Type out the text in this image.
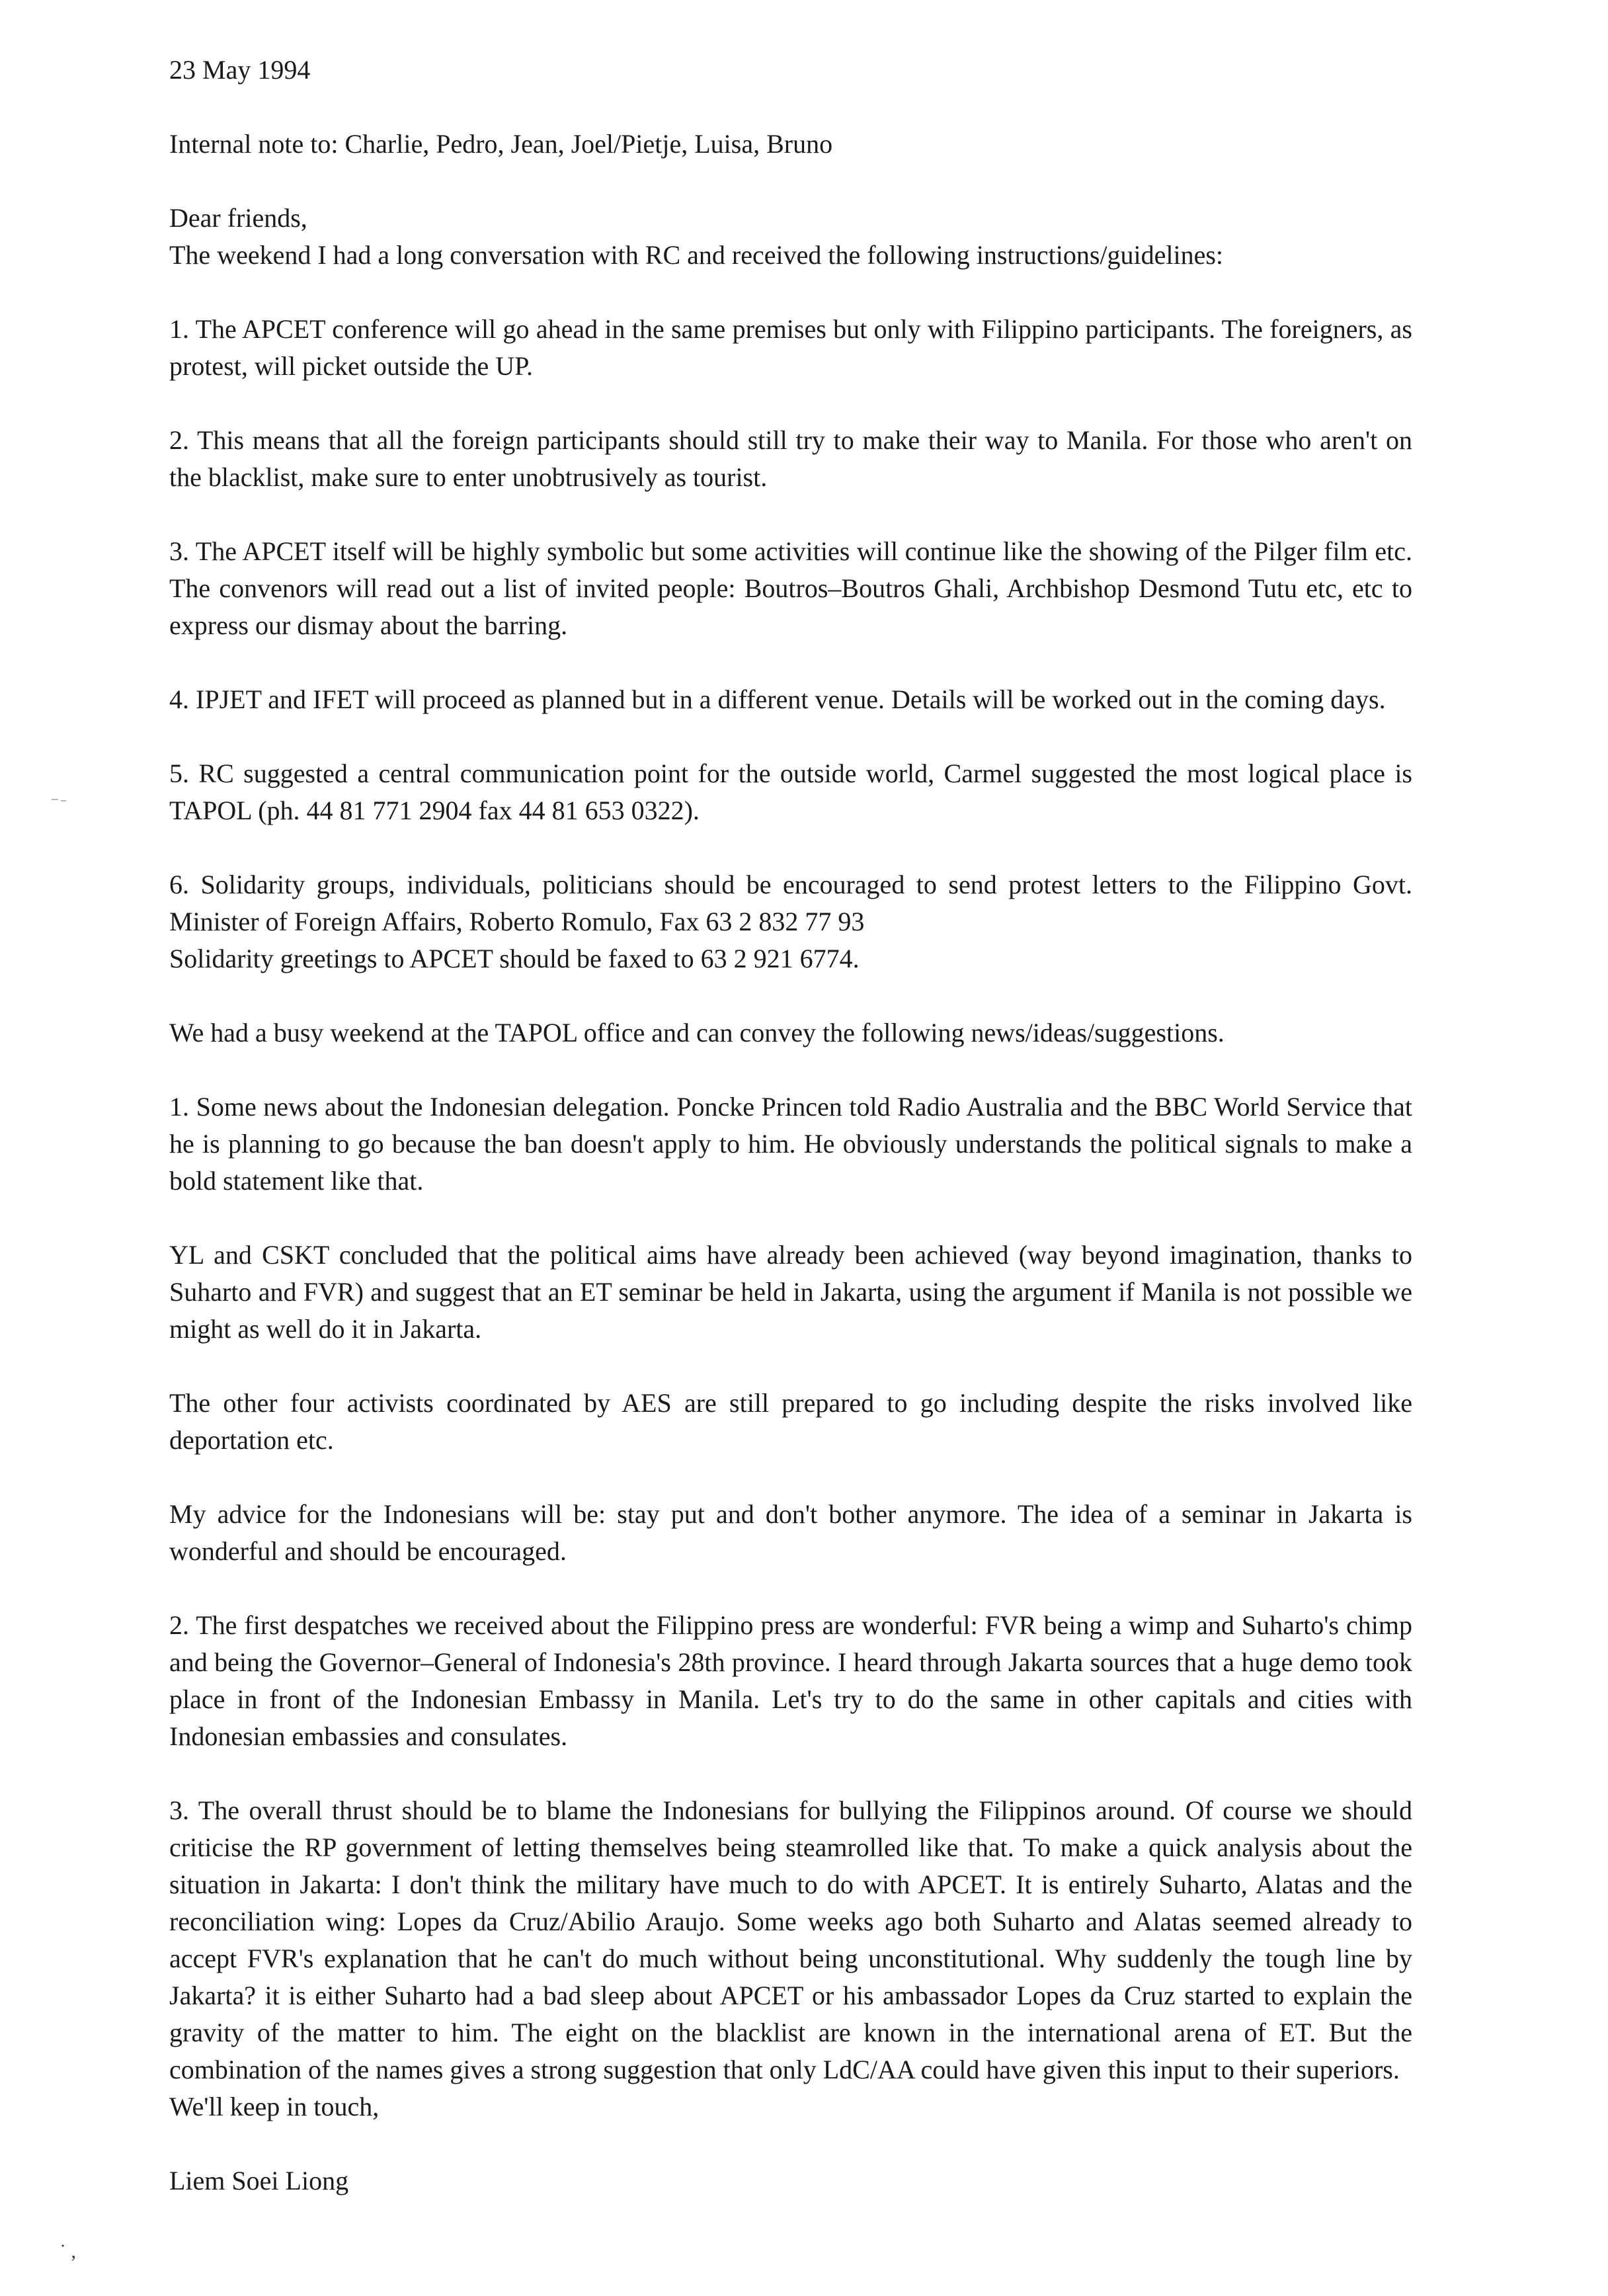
˙ ,

23 May 1994

Internal note to: Charlie, Pedro, Jean, Joel/Pietje, Luisa, Bruno

Dear friends,

The weekend I had a long conversation with RC and received the following instructions/guidelines:

1. The APCET conference will go ahead in the same premises but only with Filippino participants. The foreigners, as protest, will picket outside the UP.

2. This means that all the foreign participants should still try to make their way to Manila. For those who aren't on the blacklist, make sure to enter unobtrusively as tourist.

3. The APCET itself will be highly symbolic but some activities will continue like the showing of the Pilger film etc. The convenors will read out a list of invited people: Boutros–Boutros Ghali, Archbishop Desmond Tutu etc, etc to express our dismay about the barring.

4. IPJET and IFET will proceed as planned but in a different venue. Details will be worked out in the coming days.

5. RC suggested a central communication point for the outside world, Carmel suggested the most logical place is TAPOL (ph. 44 81 771 2904 fax 44 81 653 0322).

6. Solidarity groups, individuals, politicians should be encouraged to send protest letters to the Filippino Govt. Minister of Foreign Affairs, Roberto Romulo, Fax 63 2 832 77 93

Solidarity greetings to APCET should be faxed to 63 2 921 6774.

We had a busy weekend at the TAPOL office and can convey the following news/ideas/suggestions.

1. Some news about the Indonesian delegation. Poncke Princen told Radio Australia and the BBC World Service that he is planning to go because the ban doesn't apply to him. He obviously understands the political signals to make a bold statement like that.

YL and CSKT concluded that the political aims have already been achieved (way beyond imagination, thanks to Suharto and FVR) and suggest that an ET seminar be held in Jakarta, using the argument if Manila is not possible we might as well do it in Jakarta.

The other four activists coordinated by AES are still prepared to go including despite the risks involved like deportation etc.

My advice for the Indonesians will be: stay put and don't bother anymore. The idea of a seminar in Jakarta is wonderful and should be encouraged.

2. The first despatches we received about the Filippino press are wonderful: FVR being a wimp and Suharto's chimp and being the Governor–General of Indonesia's 28th province. I heard through Jakarta sources that a huge demo took place in front of the Indonesian Embassy in Manila. Let's try to do the same in other capitals and cities with Indonesian embassies and consulates.

3. The overall thrust should be to blame the Indonesians for bullying the Filippinos around. Of course we should criticise the RP government of letting themselves being steamrolled like that. To make a quick analysis about the situation in Jakarta: I don't think the military have much to do with APCET. It is entirely Suharto, Alatas and the reconciliation wing: Lopes da Cruz/Abilio Araujo. Some weeks ago both Suharto and Alatas seemed already to accept FVR's explanation that he can't do much without being unconstitutional. Why suddenly the tough line by Jakarta? it is either Suharto had a bad sleep about APCET or his ambassador Lopes da Cruz started to explain the gravity of the matter to him. The eight on the blacklist are known in the international arena of ET. But the combination of the names gives a strong suggestion that only LdC/AA could have given this input to their superiors.

We'll keep in touch,

Liem Soei Liong
